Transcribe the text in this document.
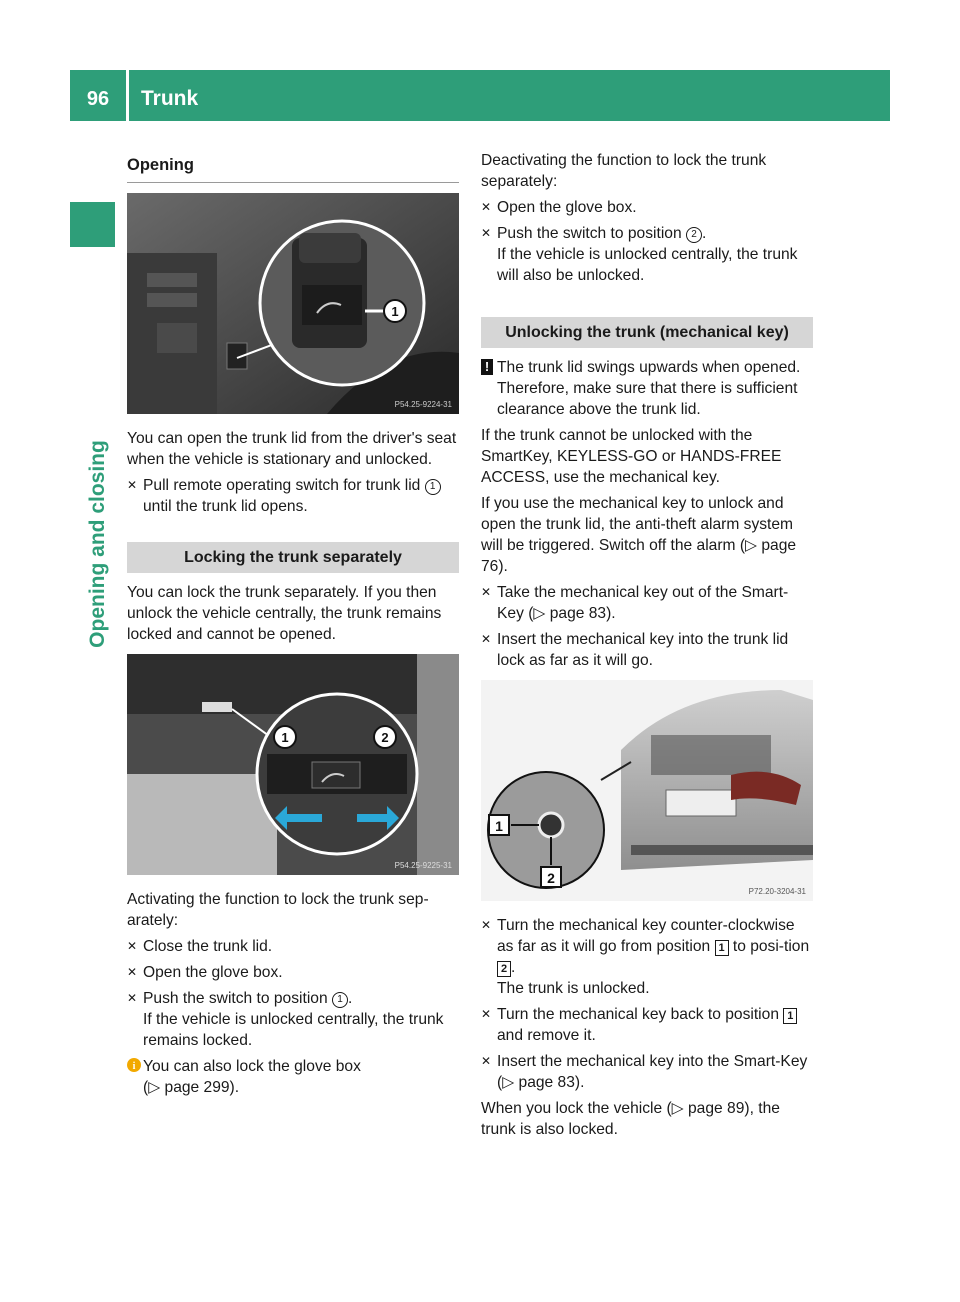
96	Trunk
Opening and closing
Opening
1
P54.25-9224-31

You can open the trunk lid from the driver's seat when the vehicle is stationary and unlocked.

✕ Pull remote operating switch for trunk lid 1 until the trunk lid opens.
Locking the trunk separately

You can lock the trunk separately. If you then unlock the vehicle centrally, the trunk remains locked and cannot be opened.

1	2
P54.25-9225-31

Activating the function to lock the trunk sep-arately:

✕ Close the trunk lid.
✕ Open the glove box.
✕ Push the switch to position 1 .
If the vehicle is unlocked centrally, the trunk remains locked.
i You can also lock the glove box
(▷ page 299).

Deactivating the function to lock the trunk separately:

✕ Open the glove box.
✕ Push the switch to position 2 .
If the vehicle is unlocked centrally, the trunk will also be unlocked.
Unlocking the trunk (mechanical key)
! The trunk lid swings upwards when opened. Therefore, make sure that there is sufficient clearance above the trunk lid.

If the trunk cannot be unlocked with the SmartKey, KEYLESS-GO or HANDS-FREE ACCESS, use the mechanical key.

If you use the mechanical key to unlock and open the trunk lid, the anti-theft alarm system will be triggered. Switch off the alarm (▷ page 76).

✕ Take the mechanical key out of the Smart-Key (▷ page 83).
✕ Insert the mechanical key into the trunk lid lock as far as it will go.
1
2
P72.20-3204-31
✕ Turn the mechanical key counter-clockwise as far as it will go from position 1 to posi-tion 2 .
The trunk is unlocked.
✕ Turn the mechanical key back to position 1 and remove it.
✕ Insert the mechanical key into the Smart-Key (▷ page 83).

When you lock the vehicle (▷ page 89), the trunk is also locked.
